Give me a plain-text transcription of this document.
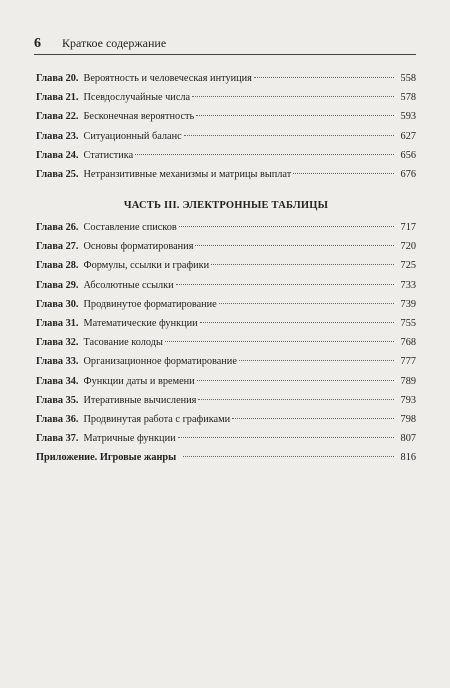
6	Краткое содержание
Глава 20. Вероятность и человеческая интуиция	558
Глава 21. Псевдослучайные числа	578
Глава 22. Бесконечная вероятность	593
Глава 23. Ситуационный баланс	627
Глава 24. Статистика	656
Глава 25. Нетранзитивные механизмы и матрицы выплат	676
ЧАСТЬ III. ЭЛЕКТРОННЫЕ ТАБЛИЦЫ
Глава 26. Составление списков	717
Глава 27. Основы форматирования	720
Глава 28. Формулы, ссылки и графики	725
Глава 29. Абсолютные ссылки	733
Глава 30. Продвинутое форматирование	739
Глава 31. Математические функции	755
Глава 32. Тасование колоды	768
Глава 33. Организационное форматирование	777
Глава 34. Функции даты и времени	789
Глава 35. Итеративные вычисления	793
Глава 36. Продвинутая работа с графиками	798
Глава 37. Матричные функции	807
Приложение. Игровые жанры	816
